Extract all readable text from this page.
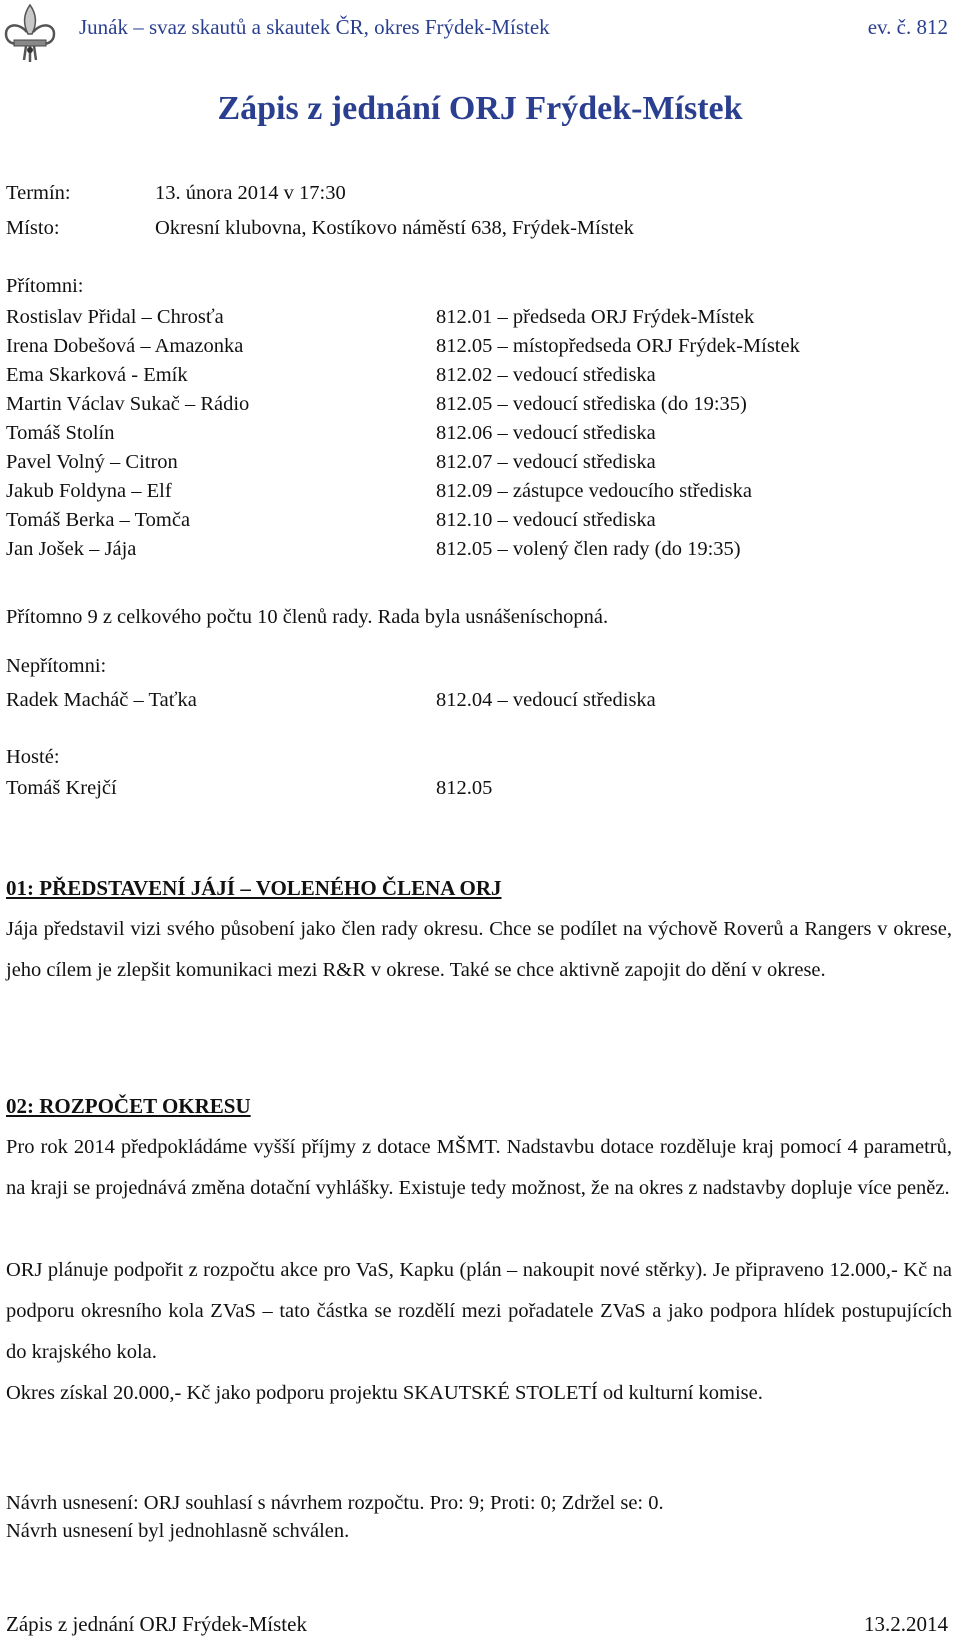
Junák – svaz skautů a skautek ČR, okres Frýdek-Místek	ev. č. 812
Zápis z jednání ORJ Frýdek-Místek
Termín:	13. února 2014 v 17:30
Místo:	Okresní klubovna, Kostíkovo náměstí 638, Frýdek-Místek
Přítomni:
Rostislav Přidal – Chrosťa	812.01 – předseda ORJ Frýdek-Místek
Irena Dobešová – Amazonka	812.05 – místopředseda ORJ Frýdek-Místek
Ema Skarková - Emík	812.02 – vedoucí střediska
Martin Václav Sukač – Rádio	812.05 – vedoucí střediska (do 19:35)
Tomáš Stolín	812.06 – vedoucí střediska
Pavel Volný – Citron	812.07 – vedoucí střediska
Jakub Foldyna – Elf	812.09 – zástupce vedoucího střediska
Tomáš Berka – Tomča	812.10 – vedoucí střediska
Jan Jošek – Jája	812.05 – volený člen rady (do 19:35)
Přítomno 9 z celkového počtu 10 členů rady. Rada byla usnášeníschopná.
Nepřítomni:
Radek Macháč – Taťka	812.04 – vedoucí střediska
Hosté:
Tomáš Krejčí	812.05
01: PŘEDSTAVENÍ JÁJÍ – VOLENÉHO ČLENA ORJ
Jája představil vizi svého působení jako člen rady okresu. Chce se podílet na výchově Roverů a Rangers v okrese, jeho cílem je zlepšit komunikaci mezi R&R v okrese. Také se chce aktivně zapojit do dění v okrese.
02: ROZPOČET OKRESU
Pro rok 2014 předpokládáme vyšší příjmy z dotace MŠMT. Nadstavbu dotace rozděluje kraj pomocí 4 parametrů, na kraji se projednává změna dotační vyhlášky. Existuje tedy možnost, že na okres z nadstavby dopluje více peněz.
ORJ plánuje podpořit z rozpočtu akce pro VaS, Kapku (plán – nakoupit nové stěrky). Je připraveno 12.000,- Kč na podporu okresního kola ZVaS – tato částka se rozdělí mezi pořadatele ZVaS a jako podpora hlídek postupujících do krajského kola.
Okres získal 20.000,- Kč jako podporu projektu SKAUTSKÉ STOLETÍ od kulturní komise.
Návrh usnesení: ORJ souhlasí s návrhem rozpočtu. Pro: 9; Proti: 0; Zdržel se: 0.
Návrh usnesení byl jednohlasně schválen.
Zápis z jednání ORJ Frýdek-Místek	13.2.2014
